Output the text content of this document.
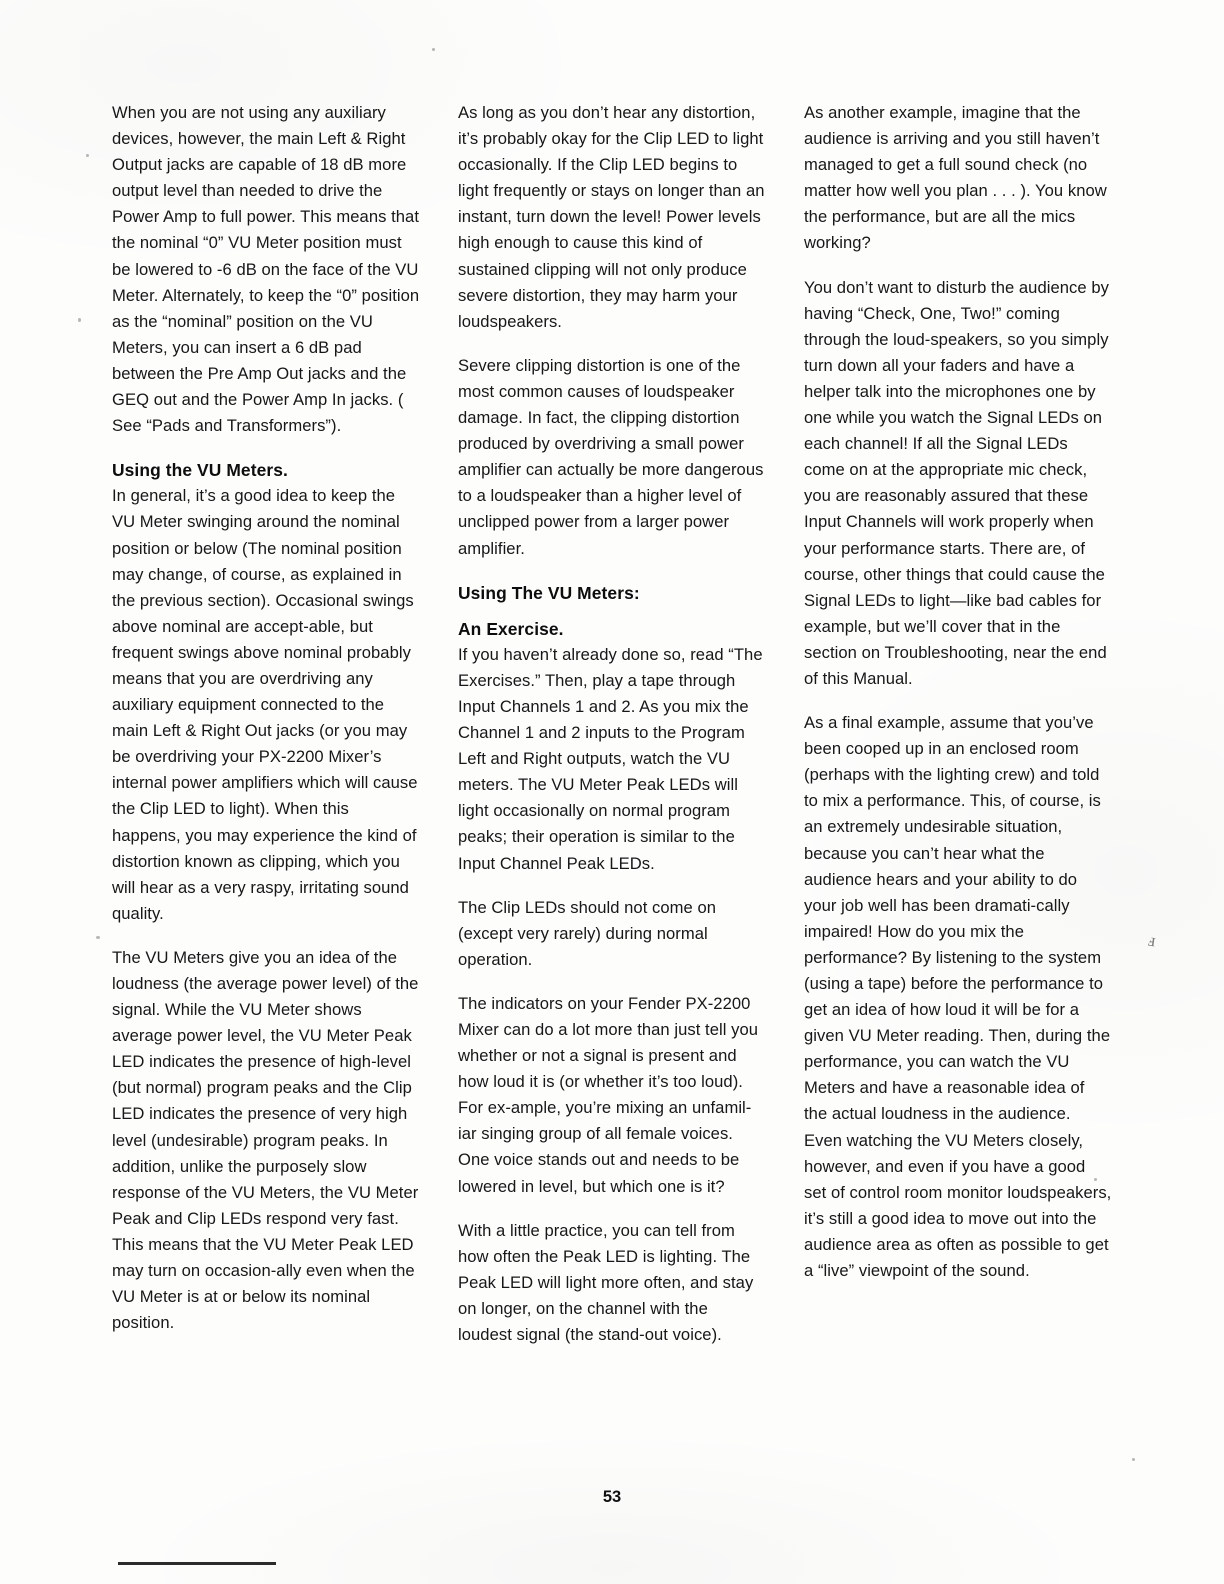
When you are not using any auxiliary devices, however, the main Left & Right Output jacks are capable of 18 dB more output level than needed to drive the Power Amp to full power. This means that the nominal “0” VU Meter position must be lowered to -6 dB on the face of the VU Meter. Alternately, to keep the “0” position as the “nominal” position on the VU Meters, you can insert a 6 dB pad between the Pre Amp Out jacks and the GEQ out and the Power Amp In jacks. ( See “Pads and Transformers”).

Using the VU Meters.

In general, it’s a good idea to keep the VU Meter swinging around the nominal position or below (The nominal position may change, of course, as explained in the previous section). Occasional swings above nominal are accept-able, but frequent swings above nominal probably means that you are overdriving any auxiliary equipment connected to the main Left & Right Out jacks (or you may be overdriving your PX-2200 Mixer’s internal power amplifiers which will cause the Clip LED to light). When this happens, you may experience the kind of distortion known as clipping, which you will hear as a very raspy, irritating sound quality.

The VU Meters give you an idea of the loudness (the average power level) of the signal. While the VU Meter shows average power level, the VU Meter Peak LED indicates the presence of high-level (but normal) program peaks and the Clip LED indicates the presence of very high level (undesirable) program peaks. In addition, unlike the purposely slow response of the VU Meters, the VU Meter Peak and Clip LEDs respond very fast. This means that the VU Meter Peak LED may turn on occasion-ally even when the VU Meter is at or below its nominal position.

As long as you don’t hear any distortion, it’s probably okay for the Clip LED to light occasionally. If the Clip LED begins to light frequently or stays on longer than an instant, turn down the level! Power levels high enough to cause this kind of sustained clipping will not only produce severe distortion, they may harm your loudspeakers.

Severe clipping distortion is one of the most common causes of loudspeaker damage. In fact, the clipping distortion produced by overdriving a small power amplifier can actually be more dangerous to a loudspeaker than a higher level of unclipped power from a larger power amplifier.

Using The VU Meters:
An Exercise.

If you haven’t already done so, read “The Exercises.” Then, play a tape through Input Channels 1 and 2. As you mix the Channel 1 and 2 inputs to the Program Left and Right outputs, watch the VU meters. The VU Meter Peak LEDs will light occasionally on normal program peaks; their operation is similar to the Input Channel Peak LEDs.

The Clip LEDs should not come on (except very rarely) during normal operation.

The indicators on your Fender PX-2200 Mixer can do a lot more than just tell you whether or not a signal is present and how loud it is (or whether it’s too loud). For ex-ample, you’re mixing an unfamil-iar singing group of all female voices. One voice stands out and needs to be lowered in level, but which one is it?

With a little practice, you can tell from how often the Peak LED is lighting. The Peak LED will light more often, and stay on longer, on the channel with the loudest signal (the stand-out voice).

As another example, imagine that the audience is arriving and you still haven’t managed to get a full sound check (no matter how well you plan . . . ). You know the performance, but are all the mics working?

You don’t want to disturb the audience by having “Check, One, Two!” coming through the loud-speakers, so you simply turn down all your faders and have a helper talk into the microphones one by one while you watch the Signal LEDs on each channel! If all the Signal LEDs come on at the appropriate mic check, you are reasonably assured that these Input Channels will work properly when your performance starts. There are, of course, other things that could cause the Signal LEDs to light—like bad cables for example, but we’ll cover that in the section on Troubleshooting, near the end of this Manual.

As a final example, assume that you’ve been cooped up in an enclosed room (perhaps with the lighting crew) and told to mix a performance. This, of course, is an extremely undesirable situation, because you can’t hear what the audience hears and your ability to do your job well has been dramati-cally impaired! How do you mix the performance? By listening to the system (using a tape) before the performance to get an idea of how loud it will be for a given VU Meter reading. Then, during the performance, you can watch the VU Meters and have a reasonable idea of the actual loudness in the audience. Even watching the VU Meters closely, however, and even if you have a good set of control room monitor loudspeakers, it’s still a good idea to move out into the audience area as often as possible to get a “live” viewpoint of the sound.

53
ⅎ
